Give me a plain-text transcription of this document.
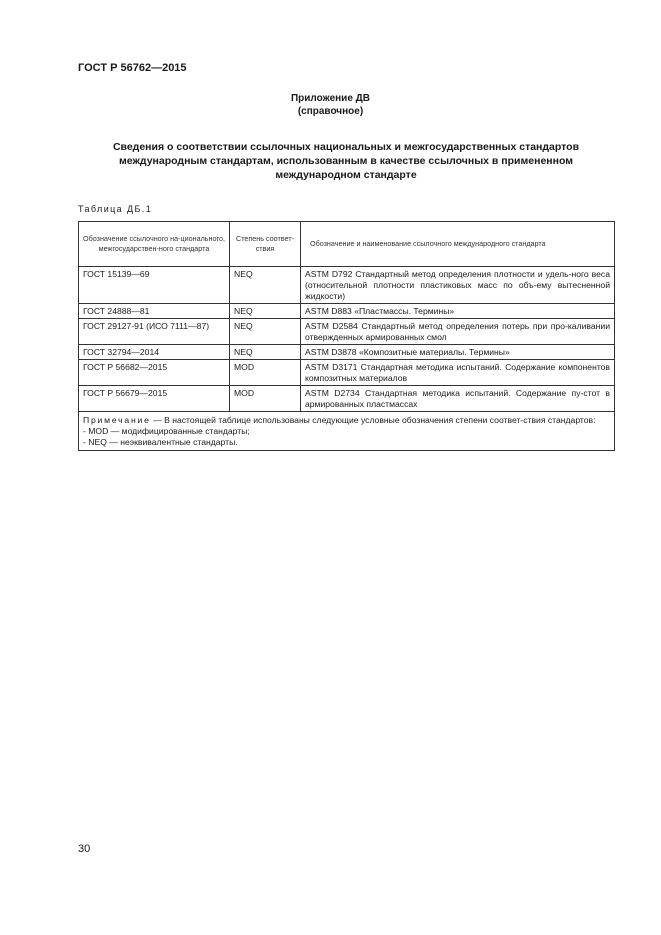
ГОСТ Р 56762—2015
Приложение ДВ
(справочное)
Сведения о соответствии ссылочных национальных и межгосударственных стандартов
международным стандартам, использованным в качестве ссылочных в примененном
международном стандарте
Таблица ДБ.1
Обозначение ссылочного на-ционального, межгосударствен-ного стандарта	Степень соответ-ствия	Обозначение и наименование ссылочного международного стандарта
ГОСТ 15139—69	NEQ	ASTM D792 Стандартный метод определения плотности и удель-ного веса (относительной плотности пластиковых масс по объ-ему вытесненной жидкости)
ГОСТ 24888—81	NEQ	ASTM D883 «Пластмассы. Термины»
ГОСТ 29127-91 (ИСО 7111—87)	NEQ	ASTM D2584 Стандартный метод определения потерь при про-каливании отвержденных армированных смол
ГОСТ 32794—2014	NEQ	ASTM D3878 «Композитные материалы. Термины»
ГОСТ Р 56682—2015	MOD	ASTM D3171 Стандартная методика испытаний. Содержание компонентов композитных материалов
ГОСТ Р 56679—2015	MOD	ASTM D2734 Стандартная методика испытаний. Содержание пу-стот в армированных пластмассах

Примечание — В настоящей таблице использованы следующие условные обозначения степени соответ-ствия стандартов:
- MOD — модифицированные стандарты;
- NEQ — неэквивалентные стандарты.		
30
